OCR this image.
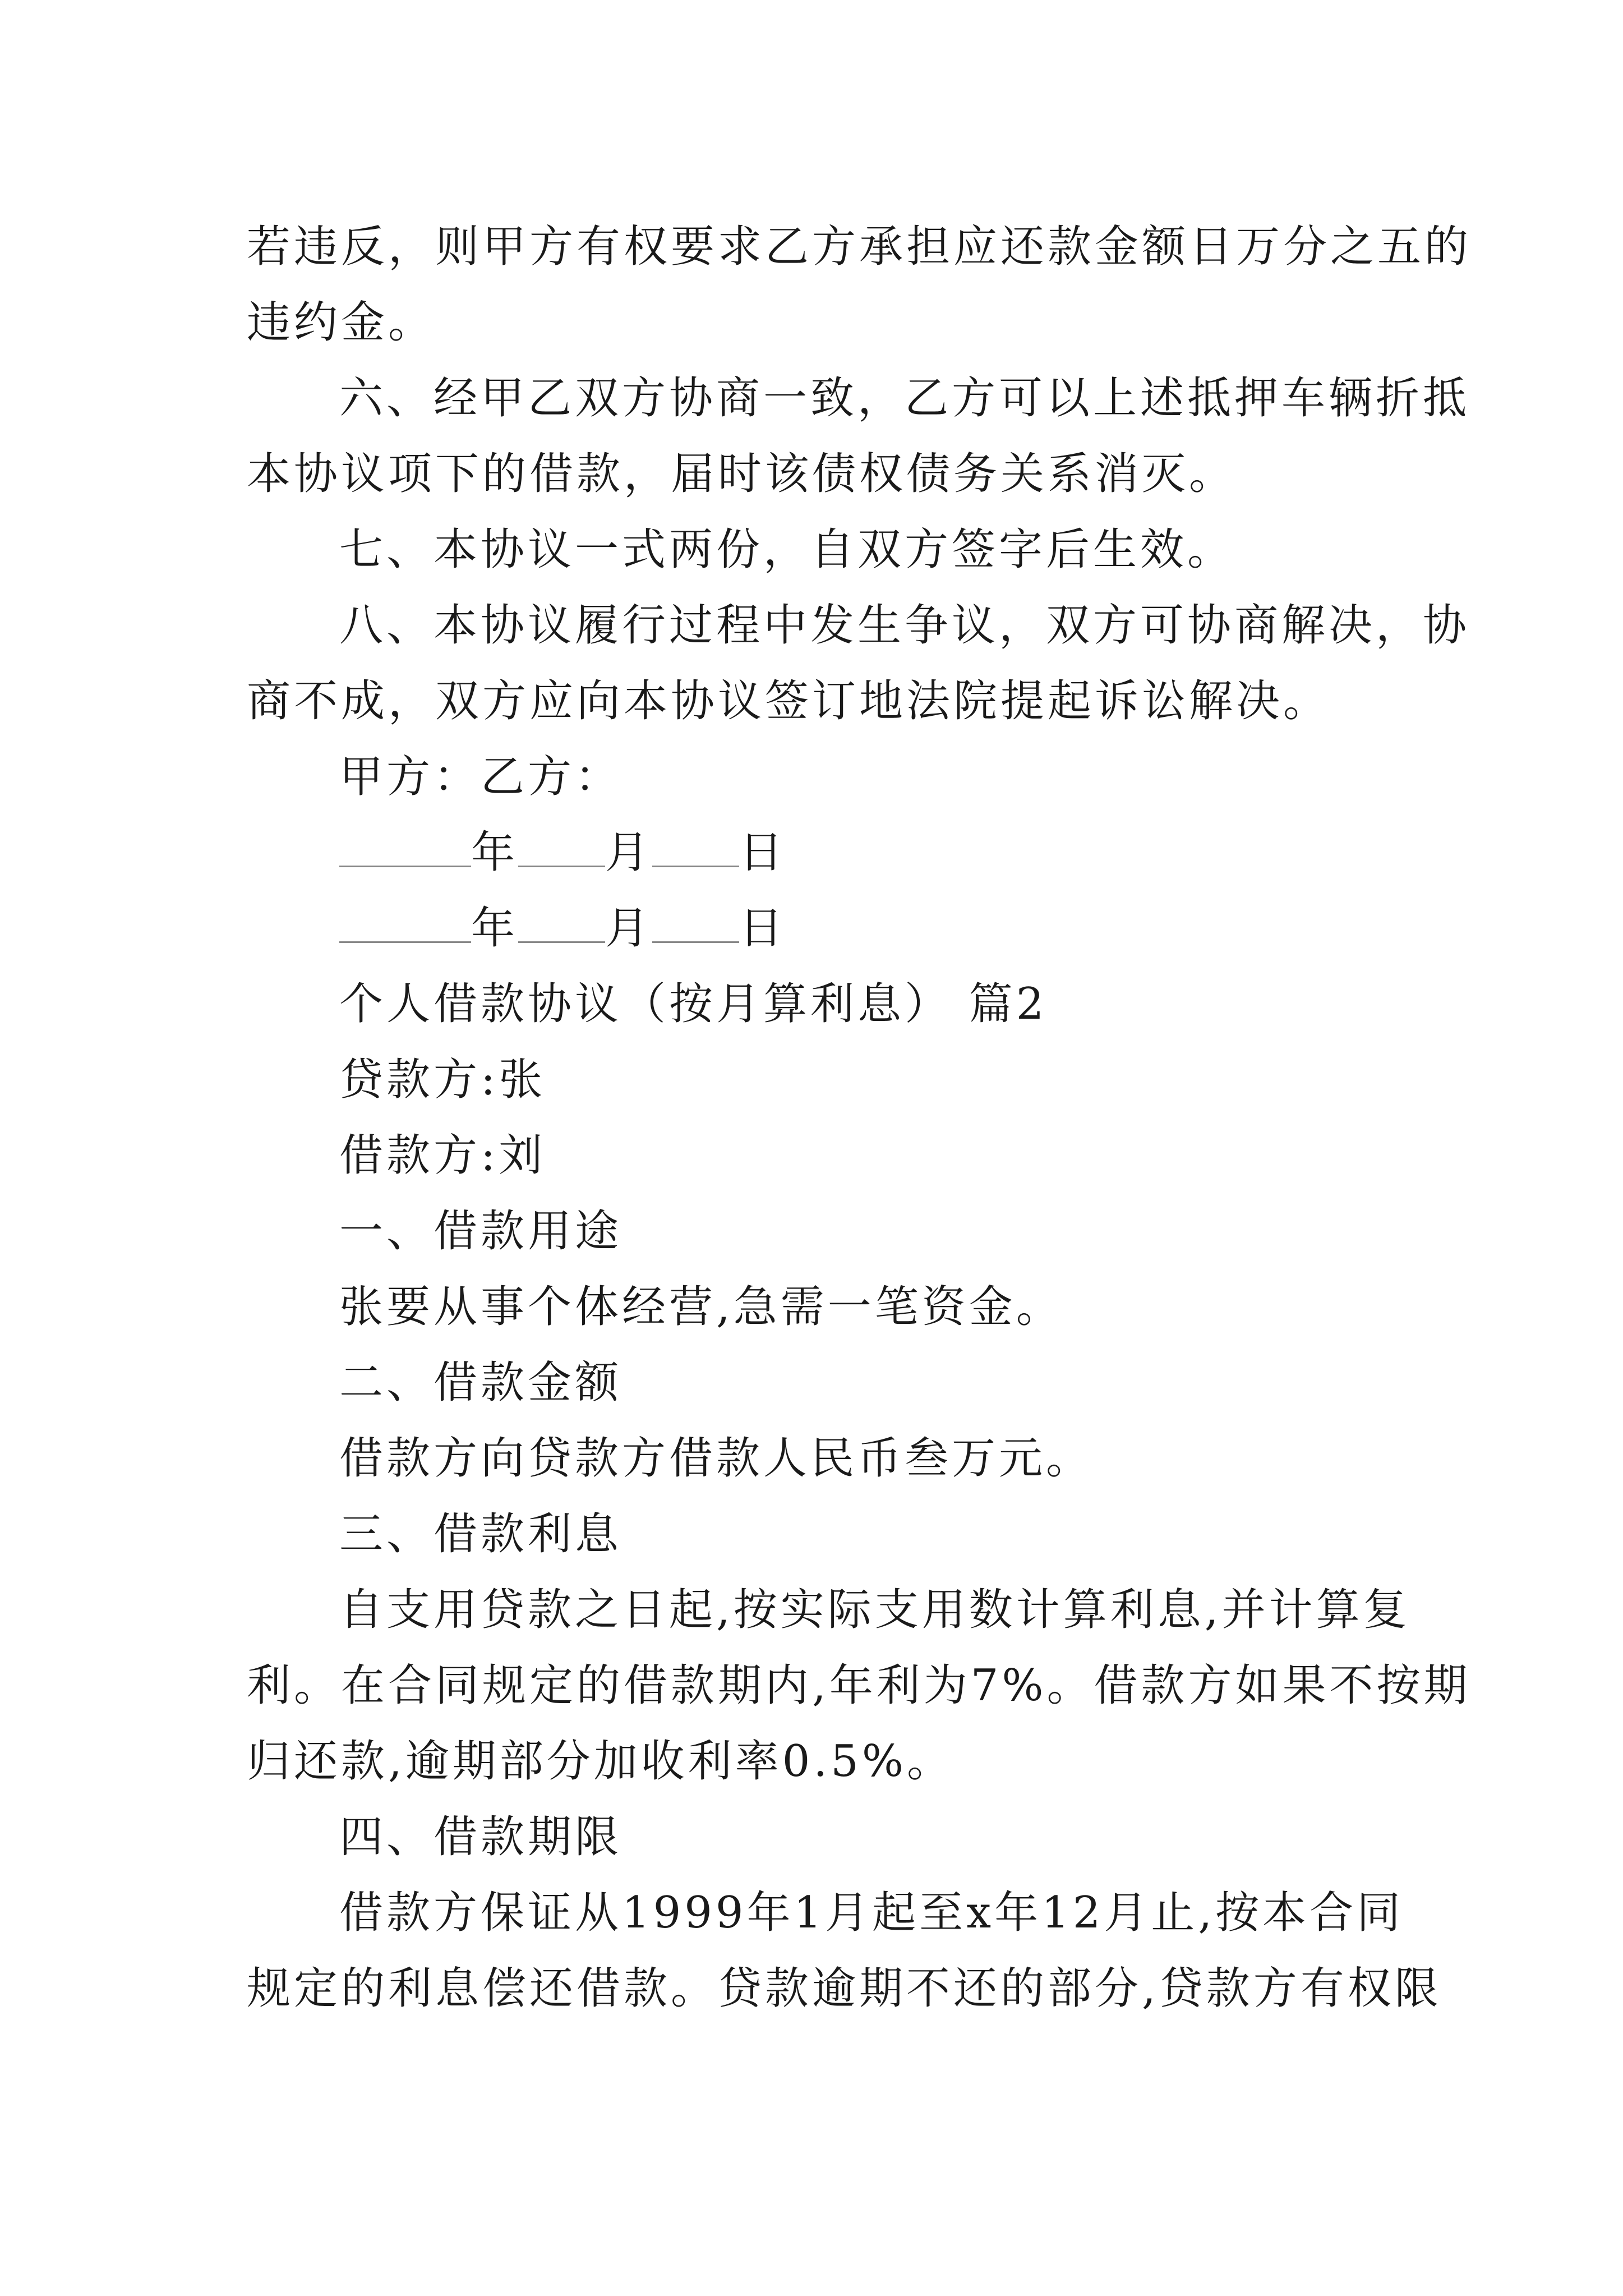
若违反，则甲方有权要求乙方承担应还款金额日万分之五的
违约金。
六、经甲乙双方协商一致，乙方可以上述抵押车辆折抵
本协议项下的借款，届时该债权债务关系消灭。
七、本协议一式两份，自双方签字后生效。
八、本协议履行过程中发生争议，双方可协商解决，协
商不成，双方应向本协议签订地法院提起诉讼解决。
甲方：乙方：
年 月 日
年 月 日
个人借款协议（按月算利息） 篇2
贷款方:张
借款方:刘
一、借款用途
张要从事个体经营,急需一笔资金。
二、借款金额
借款方向贷款方借款人民币叁万元。
三、借款利息
自支用贷款之日起,按实际支用数计算利息,并计算复
利。在合同规定的借款期内,年利为7%。借款方如果不按期
归还款,逾期部分加收利率0.5%。
四、借款期限
借款方保证从1999年1月起至x年12月止,按本合同
规定的利息偿还借款。贷款逾期不还的部分,贷款方有权限
